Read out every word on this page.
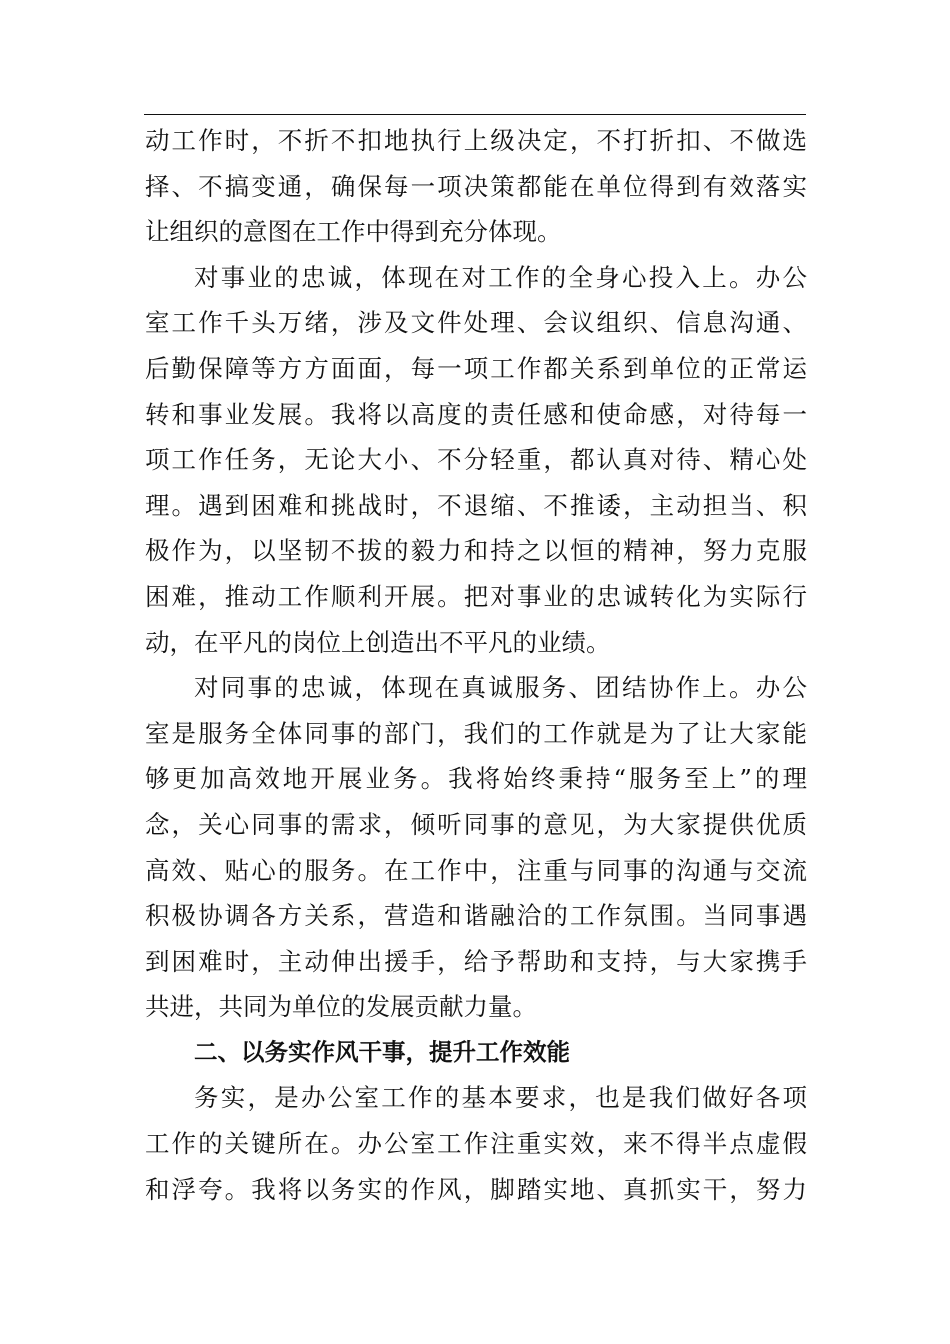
动工作时，不折不扣地执行上级决定，不打折扣、不做选
择、不搞变通，确保每一项决策都能在单位得到有效落实
让组织的意图在工作中得到充分体现。
对事业的忠诚，体现在对工作的全身心投入上。办公
室工作千头万绪，涉及文件处理、会议组织、信息沟通、
后勤保障等方方面面，每一项工作都关系到单位的正常运
转和事业发展。我将以高度的责任感和使命感，对待每一
项工作任务，无论大小、不分轻重，都认真对待、精心处
理。遇到困难和挑战时，不退缩、不推诿，主动担当、积
极作为，以坚韧不拔的毅力和持之以恒的精神，努力克服
困难，推动工作顺利开展。把对事业的忠诚转化为实际行
动，在平凡的岗位上创造出不平凡的业绩。
对同事的忠诚，体现在真诚服务、团结协作上。办公
室是服务全体同事的部门，我们的工作就是为了让大家能
够更加高效地开展业务。我将始终秉持“服务至上”的理
念，关心同事的需求，倾听同事的意见，为大家提供优质
高效、贴心的服务。在工作中，注重与同事的沟通与交流
积极协调各方关系，营造和谐融洽的工作氛围。当同事遇
到困难时，主动伸出援手，给予帮助和支持，与大家携手
共进，共同为单位的发展贡献力量。
二、以务实作风干事，提升工作效能
务实，是办公室工作的基本要求，也是我们做好各项
工作的关键所在。办公室工作注重实效，来不得半点虚假
和浮夸。我将以务实的作风，脚踏实地、真抓实干，努力
